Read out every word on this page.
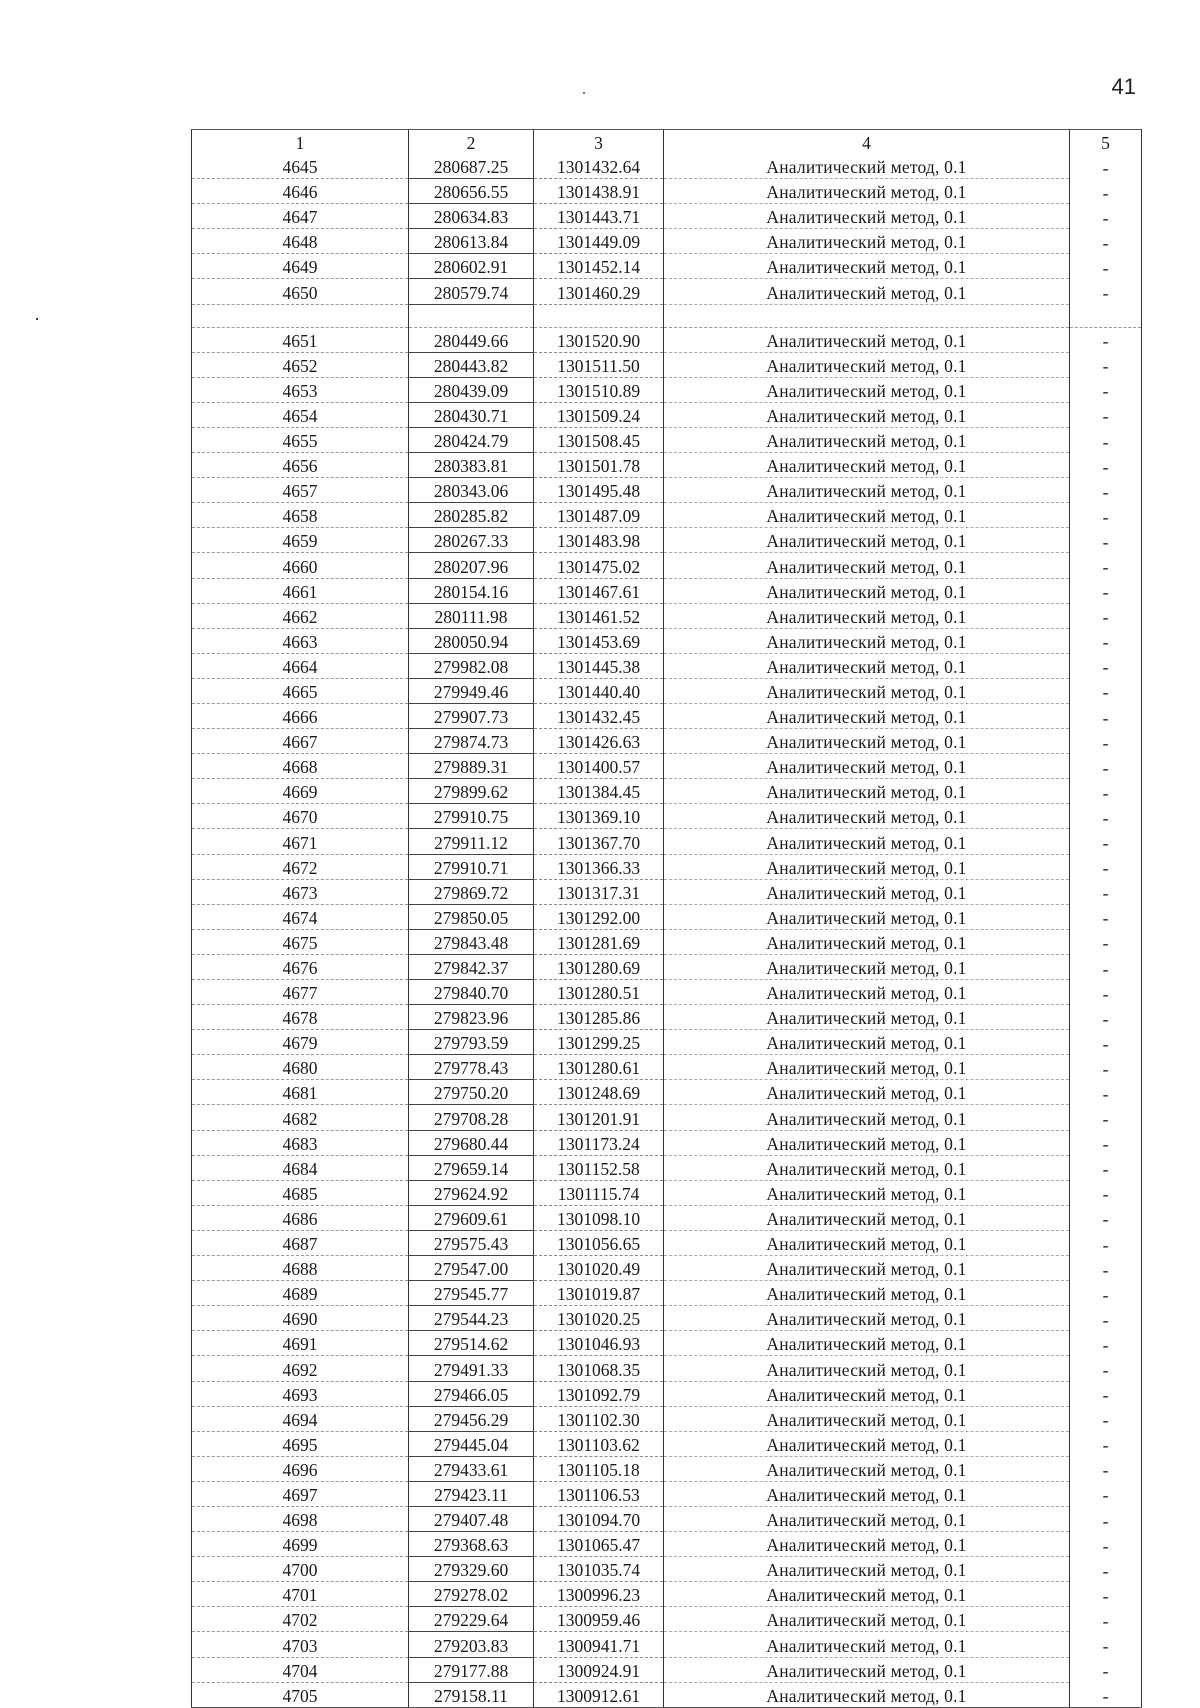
41
1	2	3	4	5
4645	280687.25	1301432.64	Аналитический метод, 0.1	-
4646	280656.55	1301438.91	Аналитический метод, 0.1	-
4647	280634.83	1301443.71	Аналитический метод, 0.1	-
4648	280613.84	1301449.09	Аналитический метод, 0.1	-
4649	280602.91	1301452.14	Аналитический метод, 0.1	-
4650	280579.74	1301460.29	Аналитический метод, 0.1	-

4651	280449.66	1301520.90	Аналитический метод, 0.1	-
4652	280443.82	1301511.50	Аналитический метод, 0.1	-
4653	280439.09	1301510.89	Аналитический метод, 0.1	-
4654	280430.71	1301509.24	Аналитический метод, 0.1	-
4655	280424.79	1301508.45	Аналитический метод, 0.1	-
4656	280383.81	1301501.78	Аналитический метод, 0.1	-
4657	280343.06	1301495.48	Аналитический метод, 0.1	-
4658	280285.82	1301487.09	Аналитический метод, 0.1	-
4659	280267.33	1301483.98	Аналитический метод, 0.1	-
4660	280207.96	1301475.02	Аналитический метод, 0.1	-
4661	280154.16	1301467.61	Аналитический метод, 0.1	-
4662	280111.98	1301461.52	Аналитический метод, 0.1	-
4663	280050.94	1301453.69	Аналитический метод, 0.1	-
4664	279982.08	1301445.38	Аналитический метод, 0.1	-
4665	279949.46	1301440.40	Аналитический метод, 0.1	-
4666	279907.73	1301432.45	Аналитический метод, 0.1	-
4667	279874.73	1301426.63	Аналитический метод, 0.1	-
4668	279889.31	1301400.57	Аналитический метод, 0.1	-
4669	279899.62	1301384.45	Аналитический метод, 0.1	-
4670	279910.75	1301369.10	Аналитический метод, 0.1	-
4671	279911.12	1301367.70	Аналитический метод, 0.1	-
4672	279910.71	1301366.33	Аналитический метод, 0.1	-
4673	279869.72	1301317.31	Аналитический метод, 0.1	-
4674	279850.05	1301292.00	Аналитический метод, 0.1	-
4675	279843.48	1301281.69	Аналитический метод, 0.1	-
4676	279842.37	1301280.69	Аналитический метод, 0.1	-
4677	279840.70	1301280.51	Аналитический метод, 0.1	-
4678	279823.96	1301285.86	Аналитический метод, 0.1	-
4679	279793.59	1301299.25	Аналитический метод, 0.1	-
4680	279778.43	1301280.61	Аналитический метод, 0.1	-
4681	279750.20	1301248.69	Аналитический метод, 0.1	-
4682	279708.28	1301201.91	Аналитический метод, 0.1	-
4683	279680.44	1301173.24	Аналитический метод, 0.1	-
4684	279659.14	1301152.58	Аналитический метод, 0.1	-
4685	279624.92	1301115.74	Аналитический метод, 0.1	-
4686	279609.61	1301098.10	Аналитический метод, 0.1	-
4687	279575.43	1301056.65	Аналитический метод, 0.1	-
4688	279547.00	1301020.49	Аналитический метод, 0.1	-
4689	279545.77	1301019.87	Аналитический метод, 0.1	-
4690	279544.23	1301020.25	Аналитический метод, 0.1	-
4691	279514.62	1301046.93	Аналитический метод, 0.1	-
4692	279491.33	1301068.35	Аналитический метод, 0.1	-
4693	279466.05	1301092.79	Аналитический метод, 0.1	-
4694	279456.29	1301102.30	Аналитический метод, 0.1	-
4695	279445.04	1301103.62	Аналитический метод, 0.1	-
4696	279433.61	1301105.18	Аналитический метод, 0.1	-
4697	279423.11	1301106.53	Аналитический метод, 0.1	-
4698	279407.48	1301094.70	Аналитический метод, 0.1	-
4699	279368.63	1301065.47	Аналитический метод, 0.1	-
4700	279329.60	1301035.74	Аналитический метод, 0.1	-
4701	279278.02	1300996.23	Аналитический метод, 0.1	-
4702	279229.64	1300959.46	Аналитический метод, 0.1	-
4703	279203.83	1300941.71	Аналитический метод, 0.1	-
4704	279177.88	1300924.91	Аналитический метод, 0.1	-
4705	279158.11	1300912.61	Аналитический метод, 0.1	-
